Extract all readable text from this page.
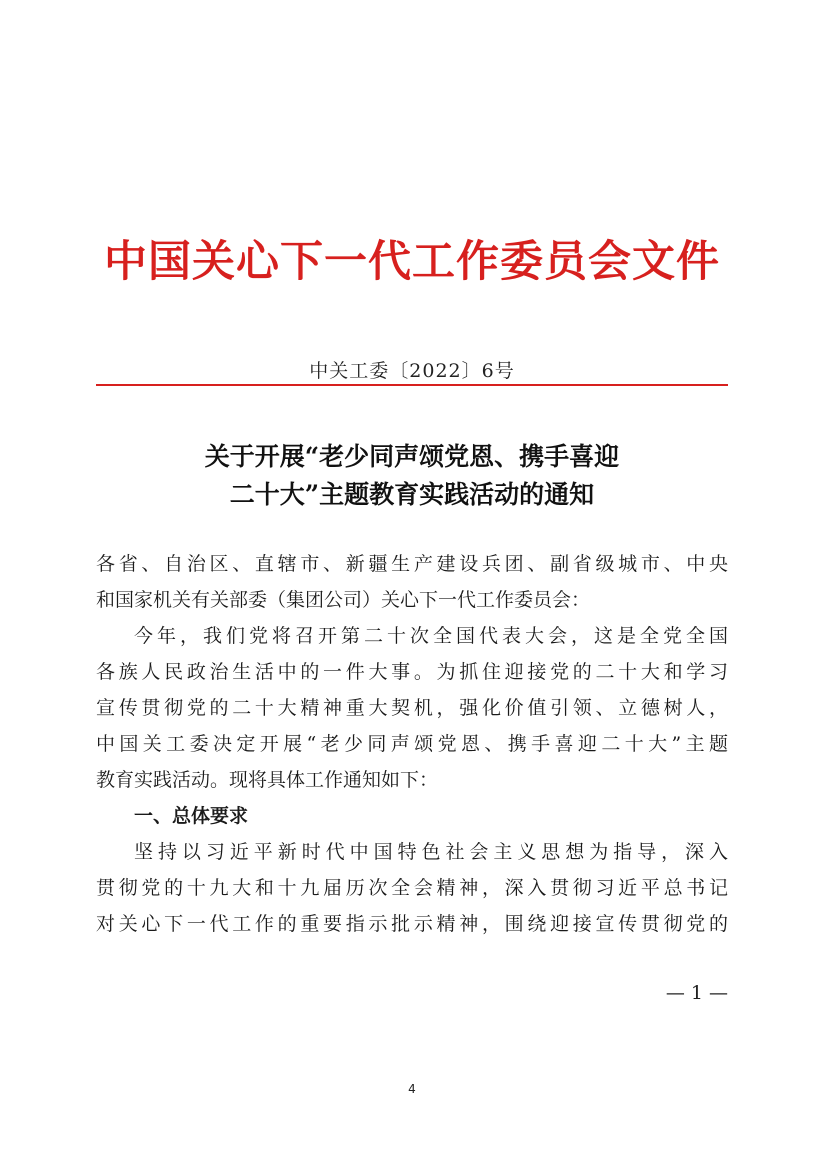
中国关心下一代工作委员会文件
中关工委〔2022〕6号
关于开展“老少同声颂党恩、携手喜迎
二十大”主题教育实践活动的通知
各省、自治区、直辖市、新疆生产建设兵团、副省级城市、中央
和国家机关有关部委（集团公司）关心下一代工作委员会：
今年，我们党将召开第二十次全国代表大会，这是全党全国
各族人民政治生活中的一件大事。为抓住迎接党的二十大和学习
宣传贯彻党的二十大精神重大契机，强化价值引领、立德树人，
中国关工委决定开展“老少同声颂党恩、携手喜迎二十大”主题
教育实践活动。现将具体工作通知如下：
一、总体要求
坚持以习近平新时代中国特色社会主义思想为指导，深入
贯彻党的十九大和十九届历次全会精神，深入贯彻习近平总书记
对关心下一代工作的重要指示批示精神，围绕迎接宣传贯彻党的
— 1 —
4
